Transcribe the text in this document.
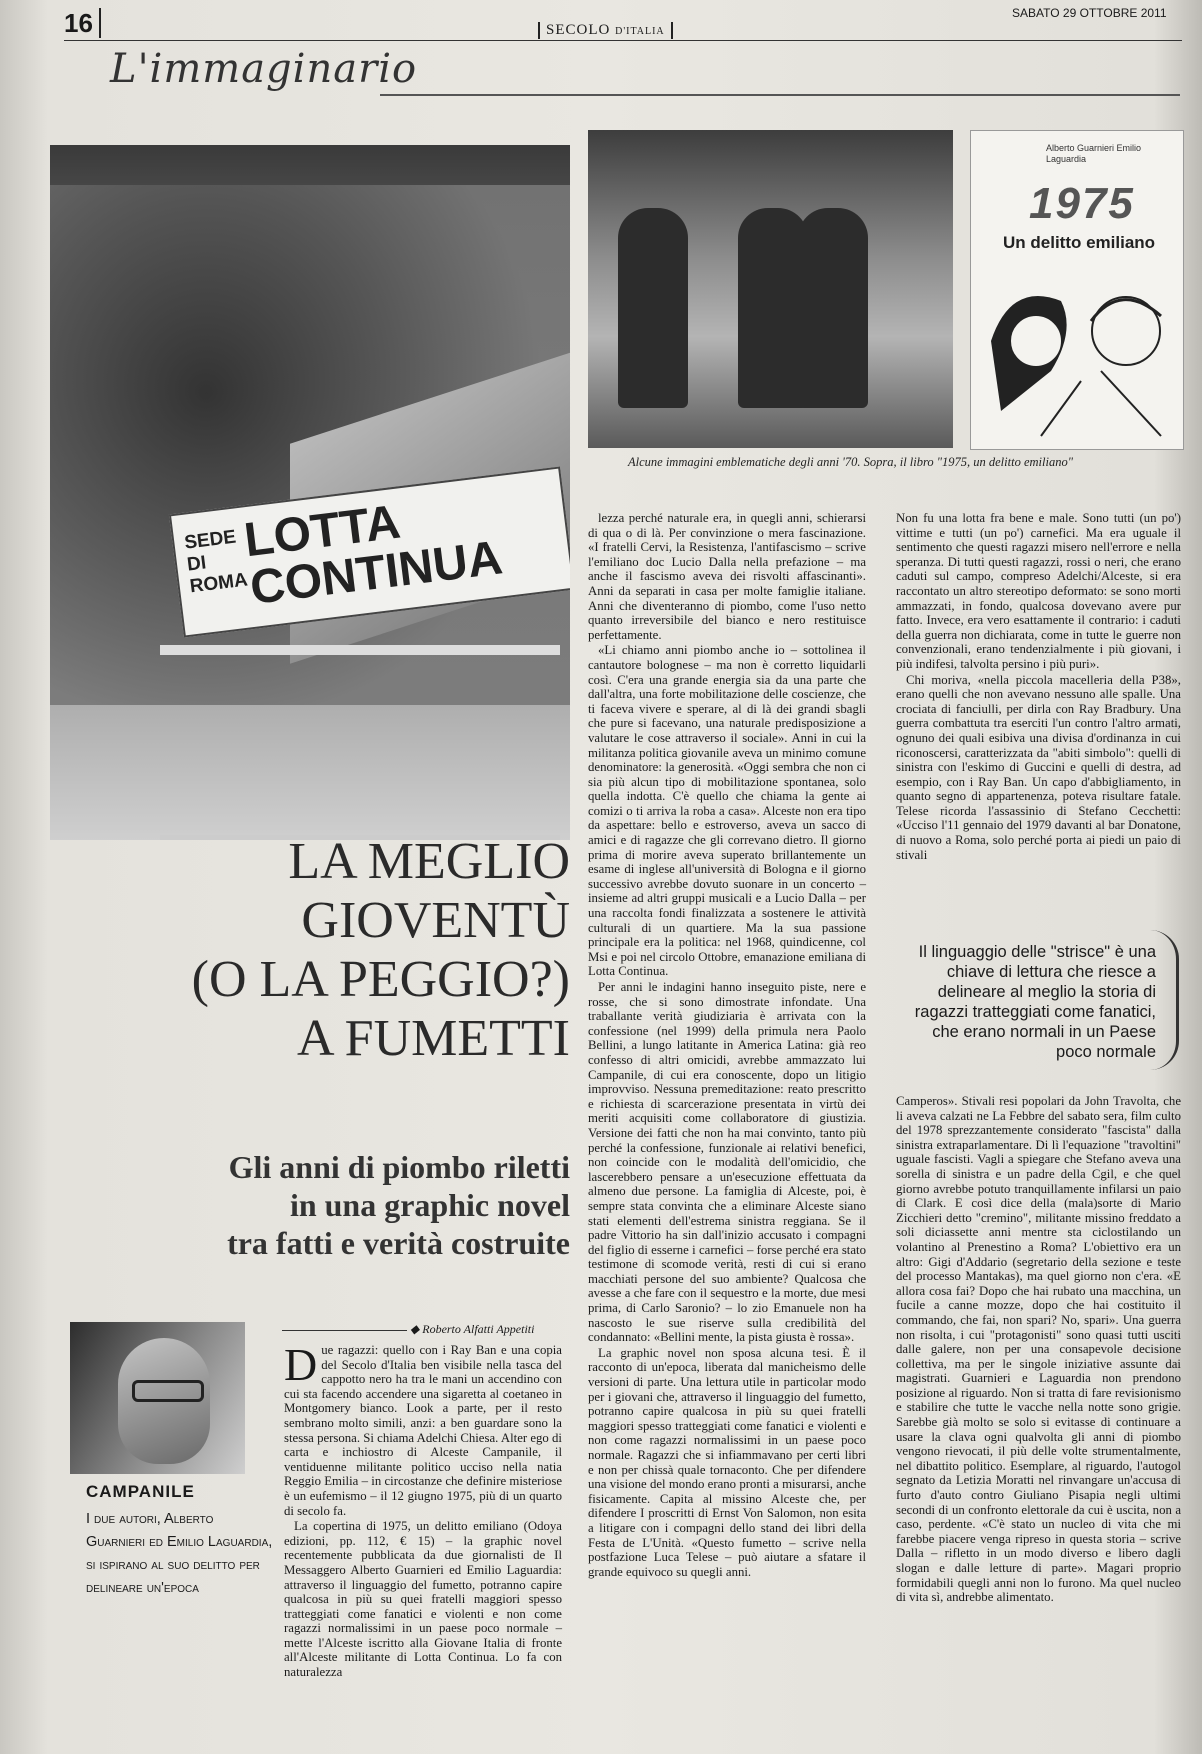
16	SECOLO D'ITALIA
SABATO 29 OTTOBRE 2011
L'immaginario
SEDE DI ROMA
LOTTA CONTINUA
Alberto Guarnieri Emilio Laguardia
1975
Un delitto emiliano
Alcune immagini emblematiche degli anni '70. Sopra, il libro "1975, un delitto emiliano"
LA MEGLIO
GIOVENTÙ
(O LA PEGGIO?)
A FUMETTI
Gli anni di piombo riletti
in una graphic novel
tra fatti e verità costruite
CAMPANILE
I due autori, Alberto Guarnieri ed Emilio Laguardia, si ispirano al suo delitto per delineare un'epoca
◆ Roberto Alfatti Appetiti

Due ragazzi: quello con i Ray Ban e una copia del Secolo d'Italia ben visibile nella tasca del cappotto nero ha tra le mani un accendino con cui sta facendo accendere una sigaretta al coetaneo in Montgomery bianco. Look a parte, per il resto sembrano molto simili, anzi: a ben guardare sono la stessa persona. Si chiama Adelchi Chiesa. Alter ego di carta e inchiostro di Alceste Campanile, il ventiduenne militante politico ucciso nella natia Reggio Emilia – in circostanze che definire misteriose è un eufemismo – il 12 giugno 1975, più di un quarto di secolo fa.

La copertina di 1975, un delitto emiliano (Odoya edizioni, pp. 112, € 15) – la graphic novel recentemente pubblicata da due giornalisti de Il Messaggero Alberto Guarnieri ed Emilio Laguardia: attraverso il linguaggio del fumetto, potranno capire qualcosa in più su quei fratelli maggiori spesso tratteggiati come fanatici e violenti e non come ragazzi normalissimi in un paese poco normale – mette l'Alceste iscritto alla Giovane Italia di fronte all'Alceste militante di Lotta Continua. Lo fa con naturalezza

lezza perché naturale era, in quegli anni, schierarsi di qua o di là. Per convinzione o mera fascinazione. «I fratelli Cervi, la Resistenza, l'antifascismo – scrive l'emiliano doc Lucio Dalla nella prefazione – ma anche il fascismo aveva dei risvolti affascinanti». Anni da separati in casa per molte famiglie italiane. Anni che diventeranno di piombo, come l'uso netto quanto irreversibile del bianco e nero restituisce perfettamente.

«Li chiamo anni piombo anche io – sottolinea il cantautore bolognese – ma non è corretto liquidarli così. C'era una grande energia sia da una parte che dall'altra, una forte mobilitazione delle coscienze, che ti faceva vivere e sperare, al di là dei grandi sbagli che pure si facevano, una naturale predisposizione a valutare le cose attraverso il sociale». Anni in cui la militanza politica giovanile aveva un minimo comune denominatore: la generosità. «Oggi sembra che non ci sia più alcun tipo di mobilitazione spontanea, solo quella indotta. C'è quello che chiama la gente ai comizi o ti arriva la roba a casa». Alceste non era tipo da aspettare: bello e estroverso, aveva un sacco di amici e di ragazze che gli correvano dietro. Il giorno prima di morire aveva superato brillantemente un esame di inglese all'università di Bologna e il giorno successivo avrebbe dovuto suonare in un concerto – insieme ad altri gruppi musicali e a Lucio Dalla – per una raccolta fondi finalizzata a sostenere le attività culturali di un quartiere. Ma la sua passione principale era la politica: nel 1968, quindicenne, col Msi e poi nel circolo Ottobre, emanazione emiliana di Lotta Continua.

Per anni le indagini hanno inseguito piste, nere e rosse, che si sono dimostrate infondate. Una traballante verità giudiziaria è arrivata con la confessione (nel 1999) della primula nera Paolo Bellini, a lungo latitante in America Latina: già reo confesso di altri omicidi, avrebbe ammazzato lui Campanile, di cui era conoscente, dopo un litigio improvviso. Nessuna premeditazione: reato prescritto e richiesta di scarcerazione presentata in virtù dei meriti acquisiti come collaboratore di giustizia. Versione dei fatti che non ha mai convinto, tanto più perché la confessione, funzionale ai relativi benefici, non coincide con le modalità dell'omicidio, che lascerebbero pensare a un'esecuzione effettuata da almeno due persone. La famiglia di Alceste, poi, è sempre stata convinta che a eliminare Alceste siano stati elementi dell'estrema sinistra reggiana. Se il padre Vittorio ha sin dall'inizio accusato i compagni del figlio di esserne i carnefici – forse perché era stato testimone di scomode verità, resti di cui si erano macchiati persone del suo ambiente? Qualcosa che avesse a che fare con il sequestro e la morte, due mesi prima, di Carlo Saronio? – lo zio Emanuele non ha nascosto le sue riserve sulla credibilità del condannato: «Bellini mente, la pista giusta è rossa».

La graphic novel non sposa alcuna tesi. È il racconto di un'epoca, liberata dal manicheismo delle versioni di parte. Una lettura utile in particolar modo per i giovani che, attraverso il linguaggio del fumetto, potranno capire qualcosa in più su quei fratelli maggiori spesso tratteggiati come fanatici e violenti e non come ragazzi normalissimi in un paese poco normale. Ragazzi che si infiammavano per certi libri e non per chissà quale tornaconto. Che per difendere una visione del mondo erano pronti a misurarsi, anche fisicamente. Capita al missino Alceste che, per difendere I proscritti di Ernst Von Salomon, non esita a litigare con i compagni dello stand dei libri della Festa de L'Unità. «Questo fumetto – scrive nella postfazione Luca Telese – può aiutare a sfatare il grande equivoco su quegli anni.

Non fu una lotta fra bene e male. Sono tutti (un po') vittime e tutti (un po') carnefici. Ma era uguale il sentimento che questi ragazzi misero nell'errore e nella speranza. Di tutti questi ragazzi, rossi o neri, che erano caduti sul campo, compreso Adelchi/Alceste, si era raccontato un altro stereotipo deformato: se sono morti ammazzati, in fondo, qualcosa dovevano avere pur fatto. Invece, era vero esattamente il contrario: i caduti della guerra non dichiarata, come in tutte le guerre non convenzionali, erano tendenzialmente i più giovani, i più indifesi, talvolta persino i più puri».

Chi moriva, «nella piccola macelleria della P38», erano quelli che non avevano nessuno alle spalle. Una crociata di fanciulli, per dirla con Ray Bradbury. Una guerra combattuta tra eserciti l'un contro l'altro armati, ognuno dei quali esibiva una divisa d'ordinanza in cui riconoscersi, caratterizzata da "abiti simbolo": quelli di sinistra con l'eskimo di Guccini e quelli di destra, ad esempio, con i Ray Ban. Un capo d'abbigliamento, in quanto segno di appartenenza, poteva risultare fatale. Telese ricorda l'assassinio di Stefano Cecchetti: «Ucciso l'11 gennaio del 1979 davanti al bar Donatone, di nuovo a Roma, solo perché porta ai piedi un paio di stivali

Il linguaggio delle "strisce" è una chiave di lettura che riesce a delineare al meglio la storia di ragazzi tratteggiati come fanatici, che erano normali in un Paese poco normale

Camperos». Stivali resi popolari da John Travolta, che li aveva calzati ne La Febbre del sabato sera, film culto del 1978 sprezzantemente considerato "fascista" dalla sinistra extraparlamentare. Di lì l'equazione "travoltini" uguale fascisti. Vagli a spiegare che Stefano aveva una sorella di sinistra e un padre della Cgil, e che quel giorno avrebbe potuto tranquillamente infilarsi un paio di Clark. E così dice della (mala)sorte di Mario Zicchieri detto "cremino", militante missino freddato a soli diciassette anni mentre sta ciclostilando un volantino al Prenestino a Roma? L'obiettivo era un altro: Gigi d'Addario (segretario della sezione e teste del processo Mantakas), ma quel giorno non c'era. «E allora cosa fai? Dopo che hai rubato una macchina, un fucile a canne mozze, dopo che hai costituito il commando, che fai, non spari? No, spari». Una guerra non risolta, i cui "protagonisti" sono quasi tutti usciti dalle galere, non per una consapevole decisione collettiva, ma per le singole iniziative assunte dai magistrati. Guarnieri e Laguardia non prendono posizione al riguardo. Non si tratta di fare revisionismo e stabilire che tutte le vacche nella notte sono grigie. Sarebbe già molto se solo si evitasse di continuare a usare la clava ogni qualvolta gli anni di piombo vengono rievocati, il più delle volte strumentalmente, nel dibattito politico. Esemplare, al riguardo, l'autogol segnato da Letizia Moratti nel rinvangare un'accusa di furto d'auto contro Giuliano Pisapia negli ultimi secondi di un confronto elettorale da cui è uscita, non a caso, perdente. «C'è stato un nucleo di vita che mi farebbe piacere venga ripreso in questa storia – scrive Dalla – rifletto in un modo diverso e libero dagli slogan e dalle letture di parte». Magari proprio formidabili quegli anni non lo furono. Ma quel nucleo di vita sì, andrebbe alimentato.
